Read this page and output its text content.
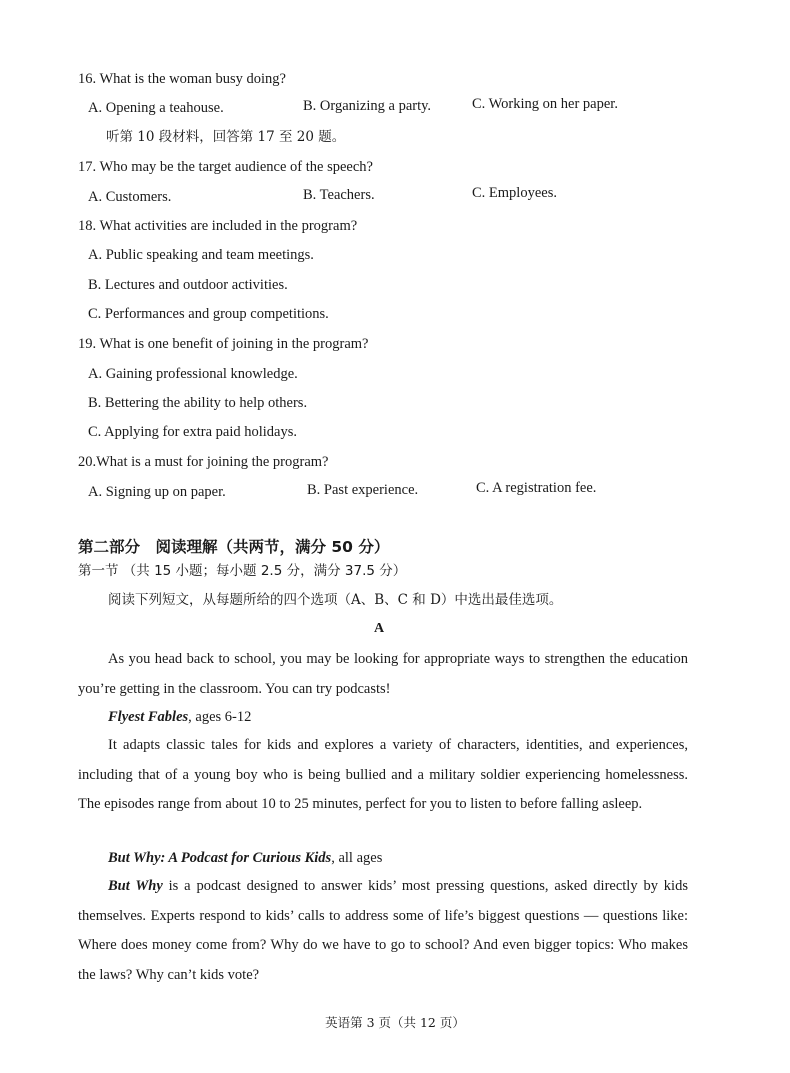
16. What is the woman busy doing?
A. Opening a teahouse.	B. Organizing a party.	C. Working on her paper.
听第 10 段材料，回答第 17 至 20 题。
17. Who may be the target audience of the speech?
A. Customers.	B. Teachers.	C. Employees.
18. What activities are included in the program?
A. Public speaking and team meetings.
B. Lectures and outdoor activities.
C. Performances and group competitions.
19. What is one benefit of joining in the program?
A. Gaining professional knowledge.
B. Bettering the ability to help others.
C. Applying for extra paid holidays.
20.What is a must for joining the program?
A. Signing up on paper.	B. Past experience.	C. A registration fee.
第二部分　阅读理解（共两节，满分 50 分）
第一节 （共 15 小题；每小题 2.5 分，满分 37.5 分）
阅读下列短文，从每题所给的四个选项（A、B、C 和 D）中选出最佳选项。
A
As you head back to school, you may be looking for appropriate ways to strengthen the education you’re getting in the classroom. You can try podcasts!
Flyest Fables, ages 6-12
It adapts classic tales for kids and explores a variety of characters, identities, and experiences, including that of a young boy who is being bullied and a military soldier experiencing homelessness. The episodes range from about 10 to 25 minutes, perfect for you to listen to before falling asleep.
But Why: A Podcast for Curious Kids, all ages
But Why is a podcast designed to answer kids’ most pressing questions, asked directly by kids themselves. Experts respond to kids’ calls to address some of life’s biggest questions — questions like: Where does money come from? Why do we have to go to school? And even bigger topics: Who makes the laws? Why can’t kids vote?
英语第 3 页（共 12 页）
